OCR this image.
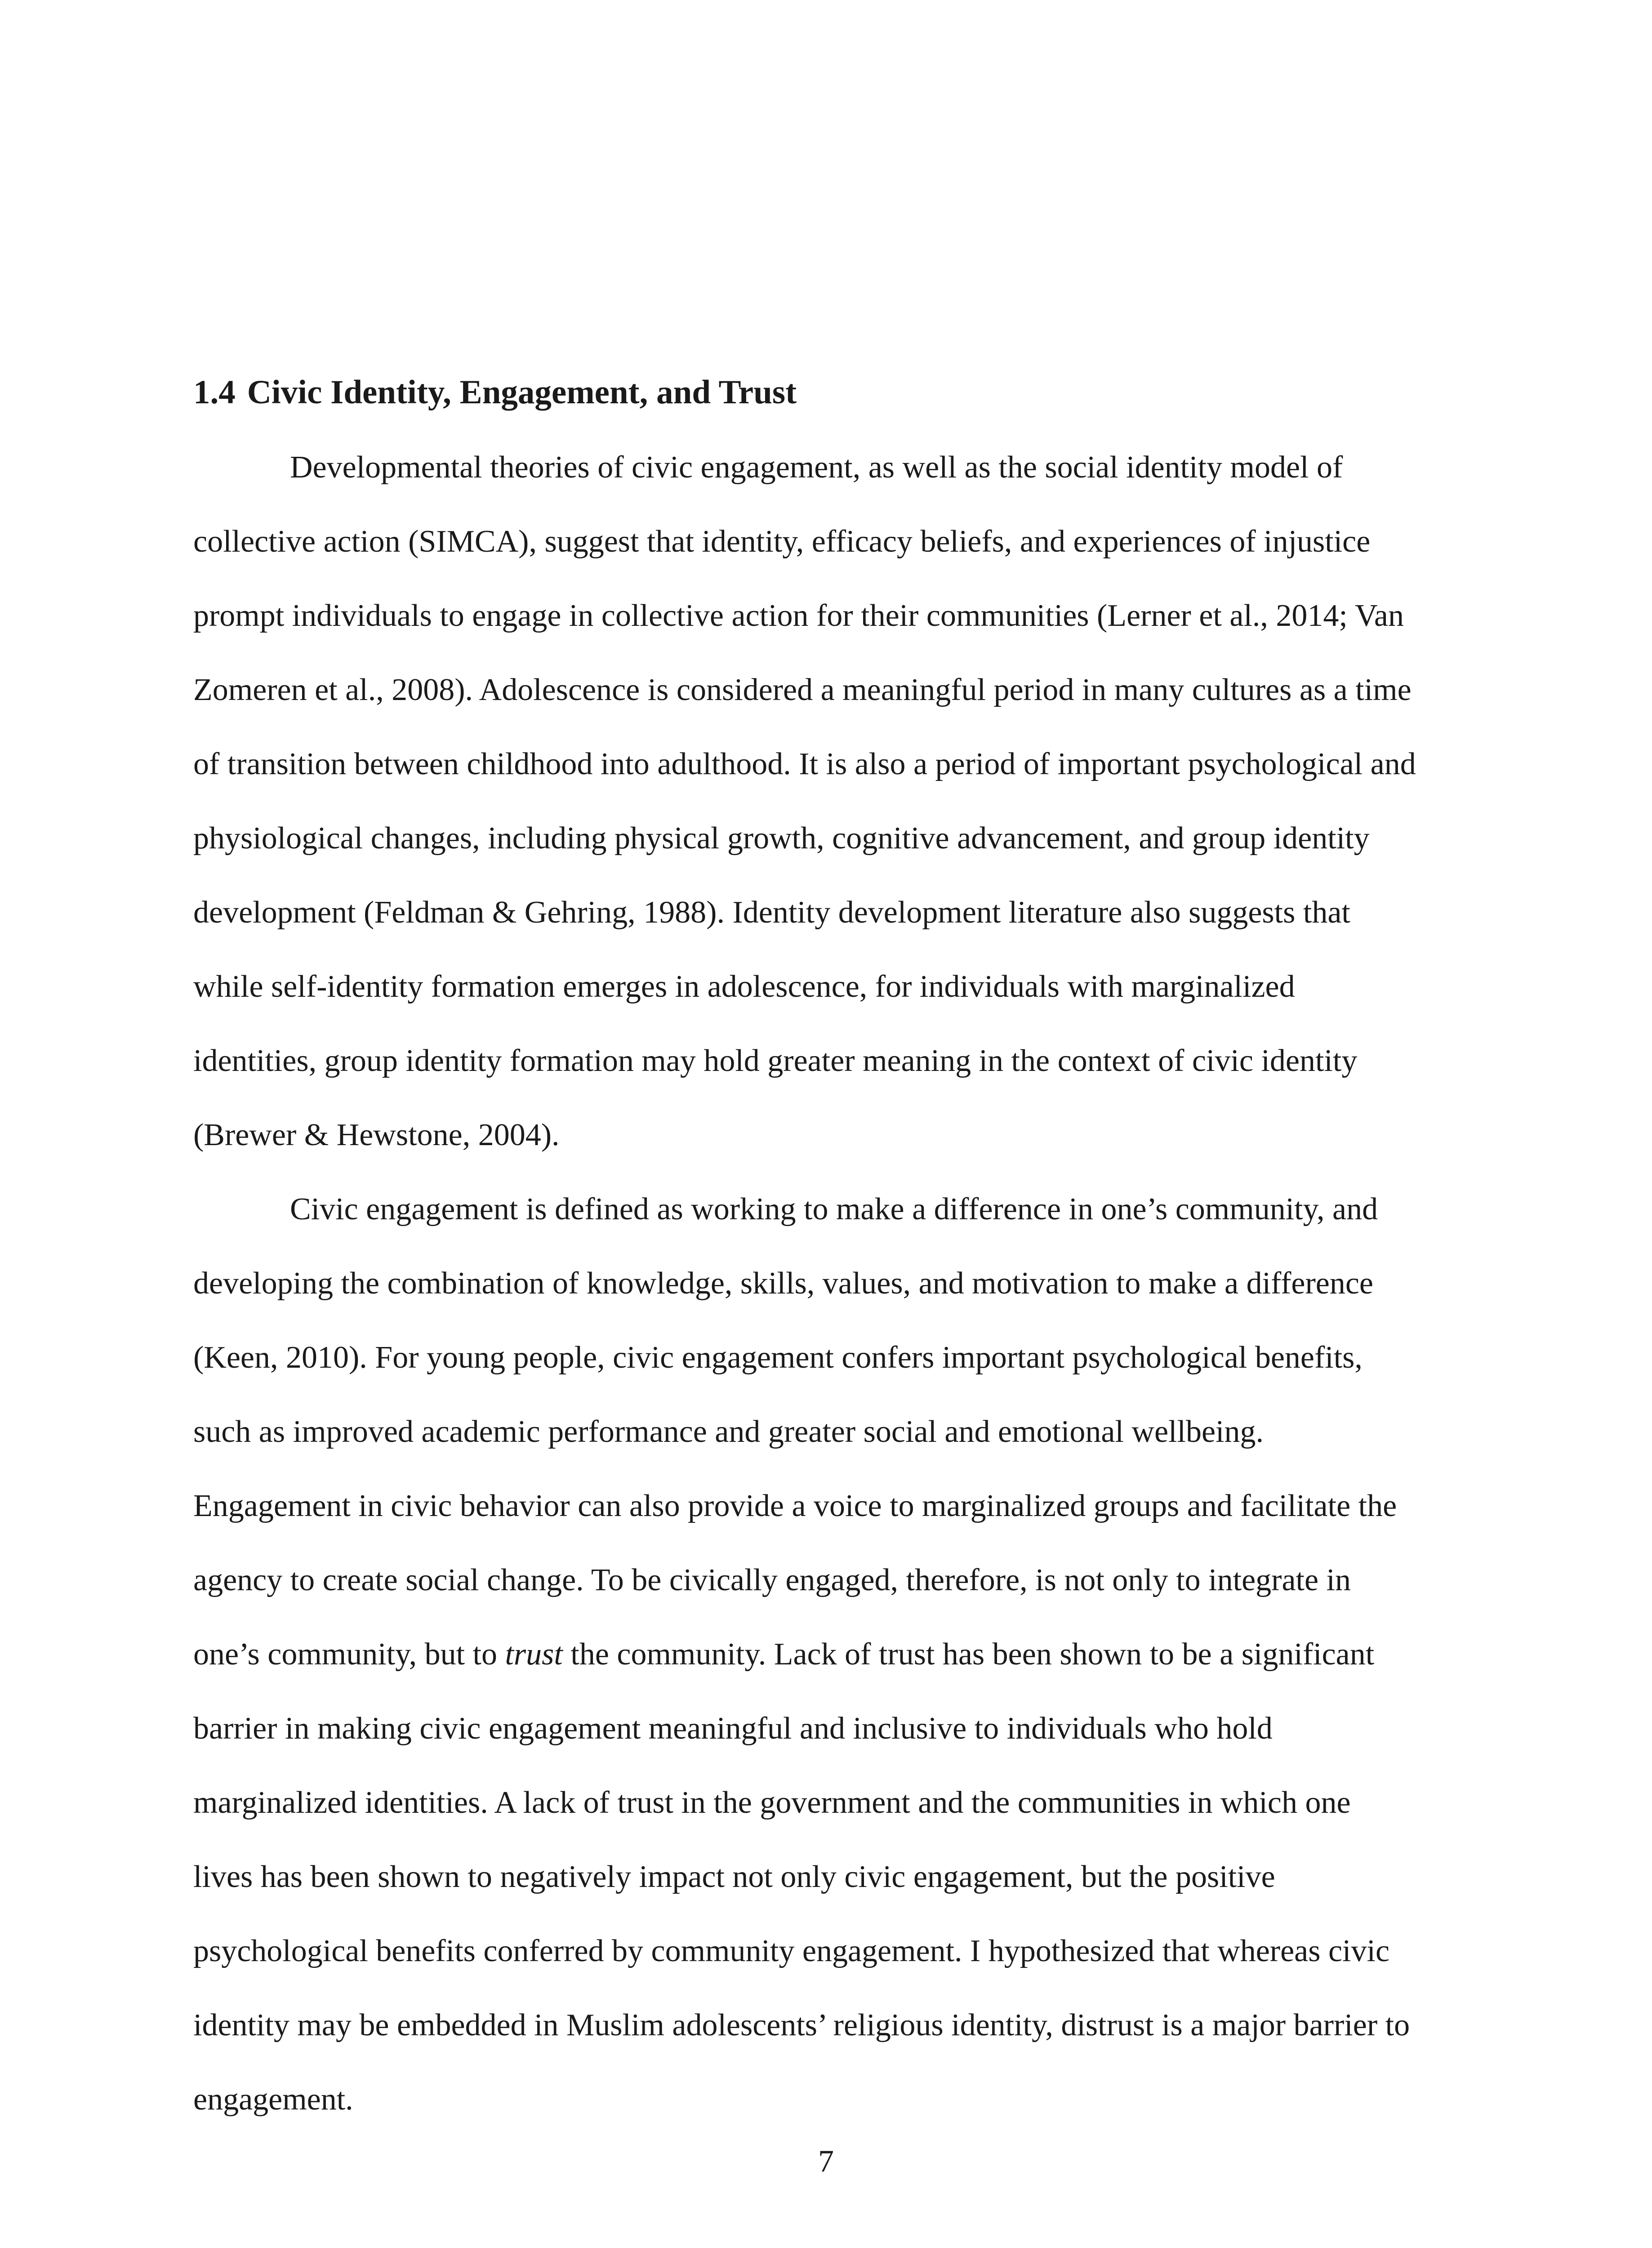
1.4 Civic Identity, Engagement, and Trust

Developmental theories of civic engagement, as well as the social identity model of

collective action (SIMCA), suggest that identity, efficacy beliefs, and experiences of injustice

prompt individuals to engage in collective action for their communities (Lerner et al., 2014; Van

Zomeren et al., 2008). Adolescence is considered a meaningful period in many cultures as a time

of transition between childhood into adulthood. It is also a period of important psychological and

physiological changes, including physical growth, cognitive advancement, and group identity

development (Feldman & Gehring, 1988). Identity development literature also suggests that

while self-identity formation emerges in adolescence, for individuals with marginalized

identities, group identity formation may hold greater meaning in the context of civic identity

(Brewer & Hewstone, 2004).

Civic engagement is defined as working to make a difference in one’s community, and

developing the combination of knowledge, skills, values, and motivation to make a difference

(Keen, 2010). For young people, civic engagement confers important psychological benefits,

such as improved academic performance and greater social and emotional wellbeing.

Engagement in civic behavior can also provide a voice to marginalized groups and facilitate the

agency to create social change. To be civically engaged, therefore, is not only to integrate in

one’s community, but to trust the community. Lack of trust has been shown to be a significant

barrier in making civic engagement meaningful and inclusive to individuals who hold

marginalized identities. A lack of trust in the government and the communities in which one

lives has been shown to negatively impact not only civic engagement, but the positive

psychological benefits conferred by community engagement. I hypothesized that whereas civic

identity may be embedded in Muslim adolescents’ religious identity, distrust is a major barrier to

engagement.

7
